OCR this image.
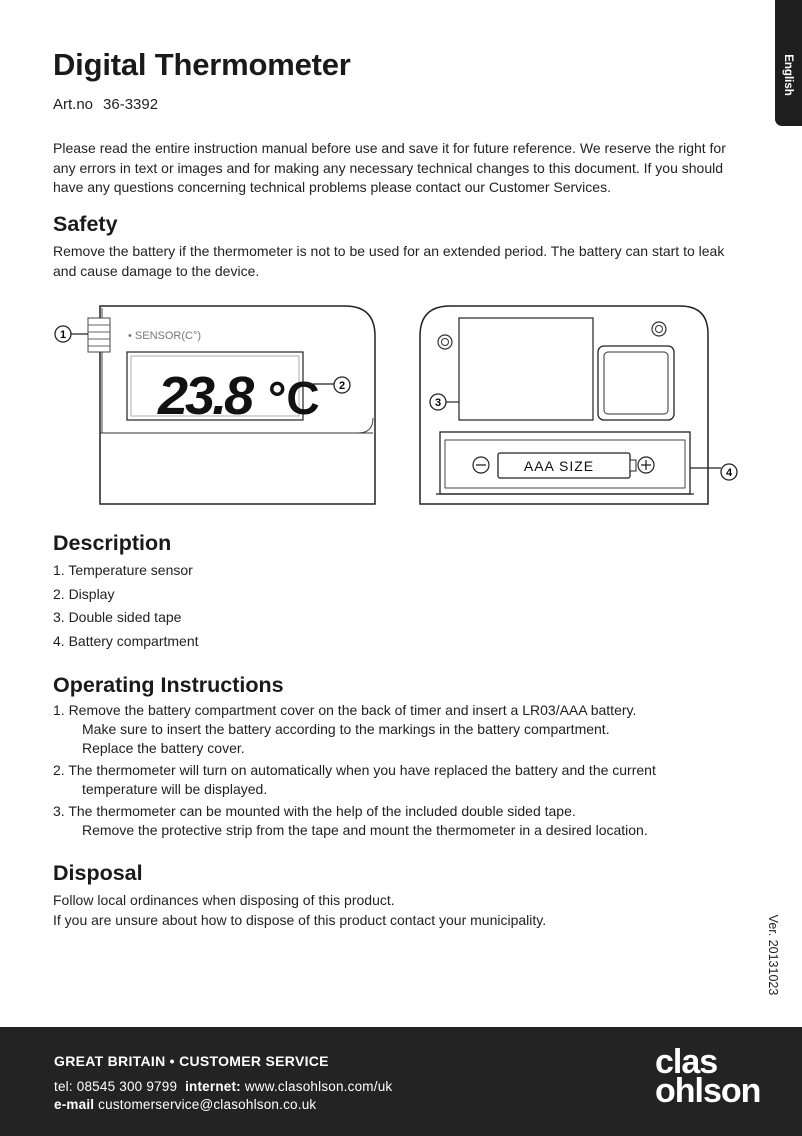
English
Digital Thermometer
Art.no 36-3392
Please read the entire instruction manual before use and save it for future reference. We reserve the right for any errors in text or images and for making any necessary technical changes to this document. If you should have any questions concerning technical problems please contact our Customer Services.
Safety
Remove the battery if the thermometer is not to be used for an extended period. The battery can start to leak and cause damage to the device.
• SENSOR(C°)
23.8 °C
1
2
AAA SIZE
3
4
Description
1. Temperature sensor
2. Display
3. Double sided tape
4. Battery compartment
Operating Instructions
1. Remove the battery compartment cover on the back of timer and insert a LR03/AAA battery.
Make sure to insert the battery according to the markings in the battery compartment.
Replace the battery cover.
2. The thermometer will turn on automatically when you have replaced the battery and the current
temperature will be displayed.
3. The thermometer can be mounted with the help of the included double sided tape.
Remove the protective strip from the tape and mount the thermometer in a desired location.
Disposal
Follow local ordinances when disposing of this product.
If you are unsure about how to dispose of this product contact your municipality.	Ver. 20131023
GREAT BRITAIN • CUSTOMER SERVICE
tel: 08545 300 9799 internet: www.clasohlson.com/uk
e-mail customerservice@clasohlson.co.uk
clas
ohlson
